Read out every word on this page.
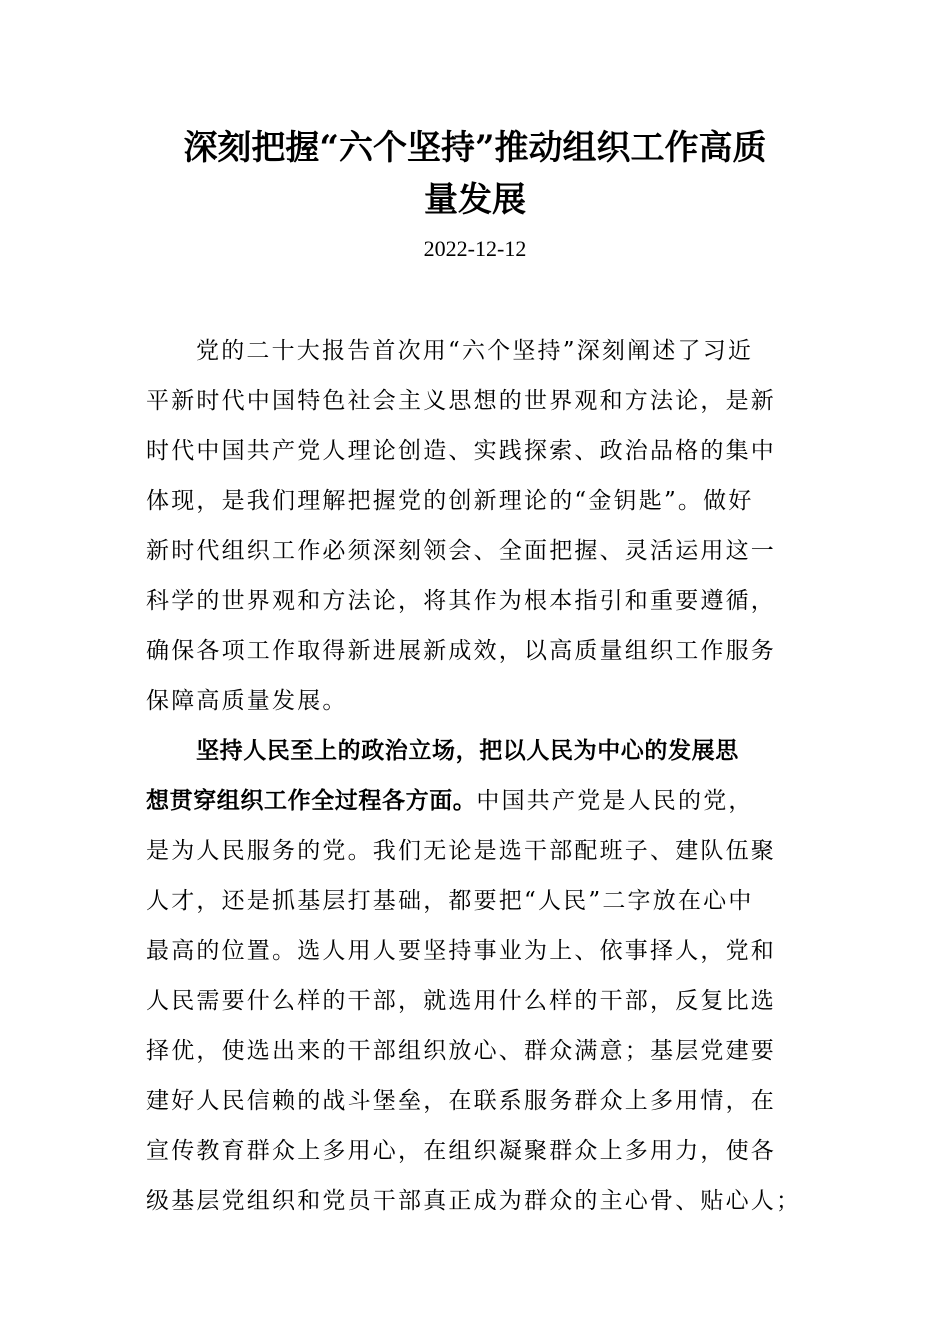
深刻把握“六个坚持”推动组织工作高质
量发展
2022-12-12
党的二十大报告首次用“六个坚持”深刻阐述了习近
平新时代中国特色社会主义思想的世界观和方法论，是新
时代中国共产党人理论创造、实践探索、政治品格的集中
体现，是我们理解把握党的创新理论的“金钥匙”。做好
新时代组织工作必须深刻领会、全面把握、灵活运用这一
科学的世界观和方法论，将其作为根本指引和重要遵循，
确保各项工作取得新进展新成效，以高质量组织工作服务
保障高质量发展。
坚持人民至上的政治立场，把以人民为中心的发展思
想贯穿组织工作全过程各方面。中国共产党是人民的党，
是为人民服务的党。我们无论是选干部配班子、建队伍聚
人才，还是抓基层打基础，都要把“人民”二字放在心中
最高的位置。选人用人要坚持事业为上、依事择人，党和
人民需要什么样的干部，就选用什么样的干部，反复比选
择优，使选出来的干部组织放心、群众满意；基层党建要
建好人民信赖的战斗堡垒，在联系服务群众上多用情，在
宣传教育群众上多用心，在组织凝聚群众上多用力，使各
级基层党组织和党员干部真正成为群众的主心骨、贴心人；
